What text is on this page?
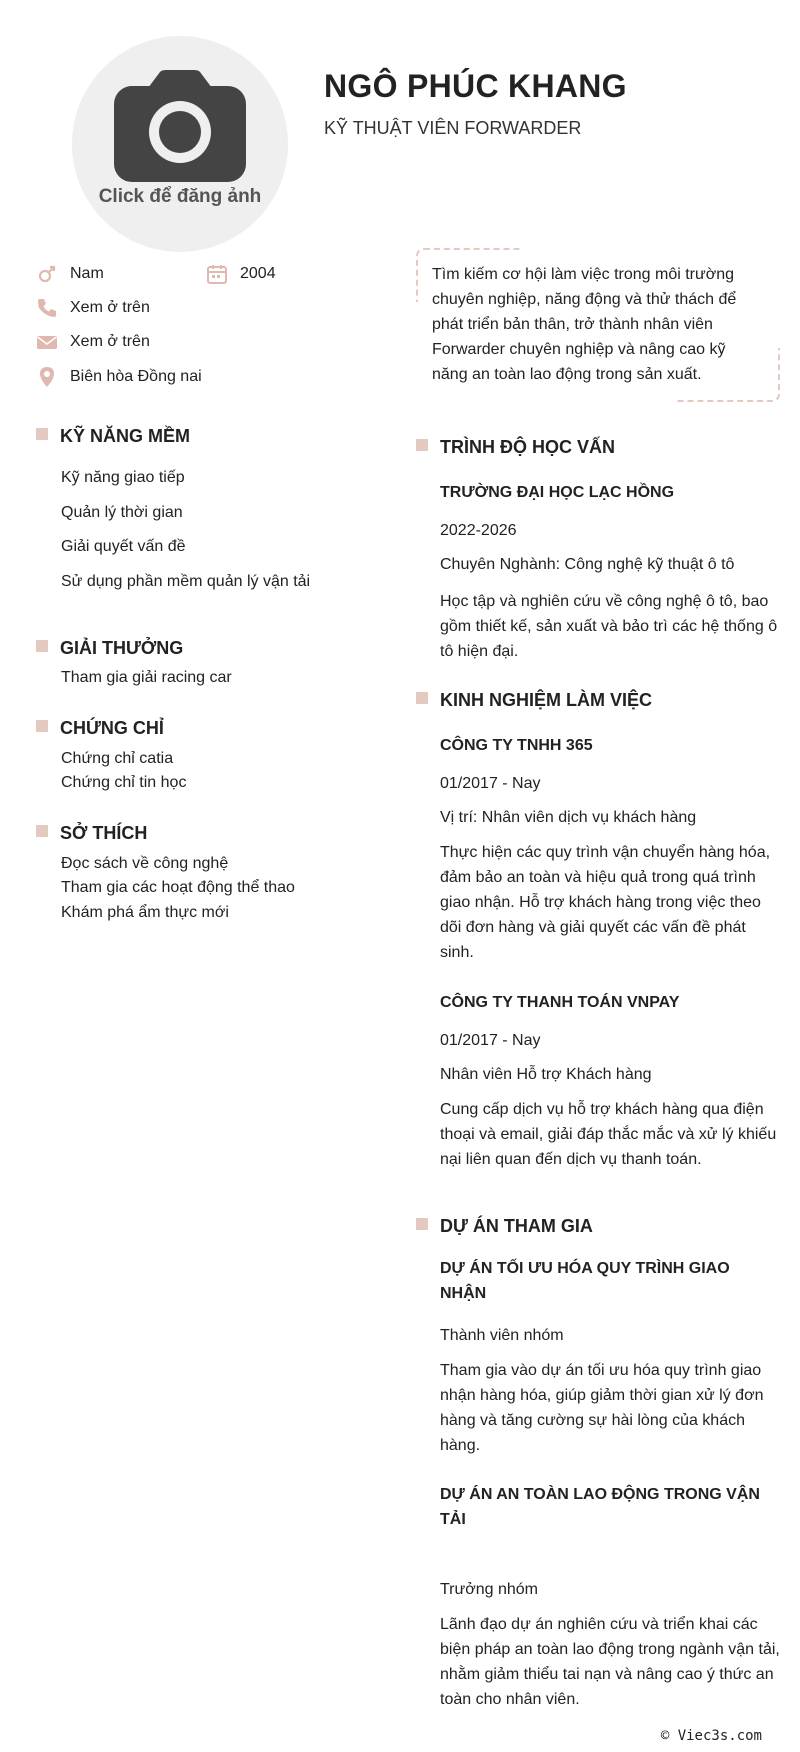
Click để đăng ảnh
NGÔ PHÚC KHANG
KỸ THUẬT VIÊN FORWARDER
Nam	2004
Xem ở trên
Xem ở trên
Biên hòa Đồng nai
Tìm kiếm cơ hội làm việc trong môi trường chuyên nghiệp, năng động và thử thách để phát triển bản thân, trở thành nhân viên Forwarder chuyên nghiệp và nâng cao kỹ năng an toàn lao động trong sản xuất.
KỸ NĂNG MỀM
Kỹ năng giao tiếp
Quản lý thời gian
Giải quyết vấn đề
Sử dụng phần mềm quản lý vận tải
GIẢI THƯỞNG
Tham gia giải racing car
CHỨNG CHỈ
Chứng chỉ catia
Chứng chỉ tin học
SỞ THÍCH
Đọc sách về công nghệ
Tham gia các hoạt động thể thao
Khám phá ẩm thực mới
TRÌNH ĐỘ HỌC VẤN
TRƯỜNG ĐẠI HỌC LẠC HỒNG
2022-2026
Chuyên Nghành: Công nghệ kỹ thuật ô tô
Học tập và nghiên cứu về công nghệ ô tô, bao gồm thiết kế, sản xuất và bảo trì các hệ thống ô tô hiện đại.
KINH NGHIỆM LÀM VIỆC
CÔNG TY TNHH 365
01/2017 - Nay
Vị trí: Nhân viên dịch vụ khách hàng
Thực hiện các quy trình vận chuyển hàng hóa, đảm bảo an toàn và hiệu quả trong quá trình giao nhận. Hỗ trợ khách hàng trong việc theo dõi đơn hàng và giải quyết các vấn đề phát sinh.
CÔNG TY THANH TOÁN VNPAY
01/2017 - Nay
Nhân viên Hỗ trợ Khách hàng
Cung cấp dịch vụ hỗ trợ khách hàng qua điện thoại và email, giải đáp thắc mắc và xử lý khiếu nại liên quan đến dịch vụ thanh toán.
DỰ ÁN THAM GIA
DỰ ÁN TỐI ƯU HÓA QUY TRÌNH GIAO NHẬN
Thành viên nhóm
Tham gia vào dự án tối ưu hóa quy trình giao nhận hàng hóa, giúp giảm thời gian xử lý đơn hàng và tăng cường sự hài lòng của khách hàng.
DỰ ÁN AN TOÀN LAO ĐỘNG TRONG VẬN TẢI
Trưởng nhóm
Lãnh đạo dự án nghiên cứu và triển khai các biện pháp an toàn lao động trong ngành vận tải, nhằm giảm thiểu tai nạn và nâng cao ý thức an toàn cho nhân viên.
© Viec3s.com
